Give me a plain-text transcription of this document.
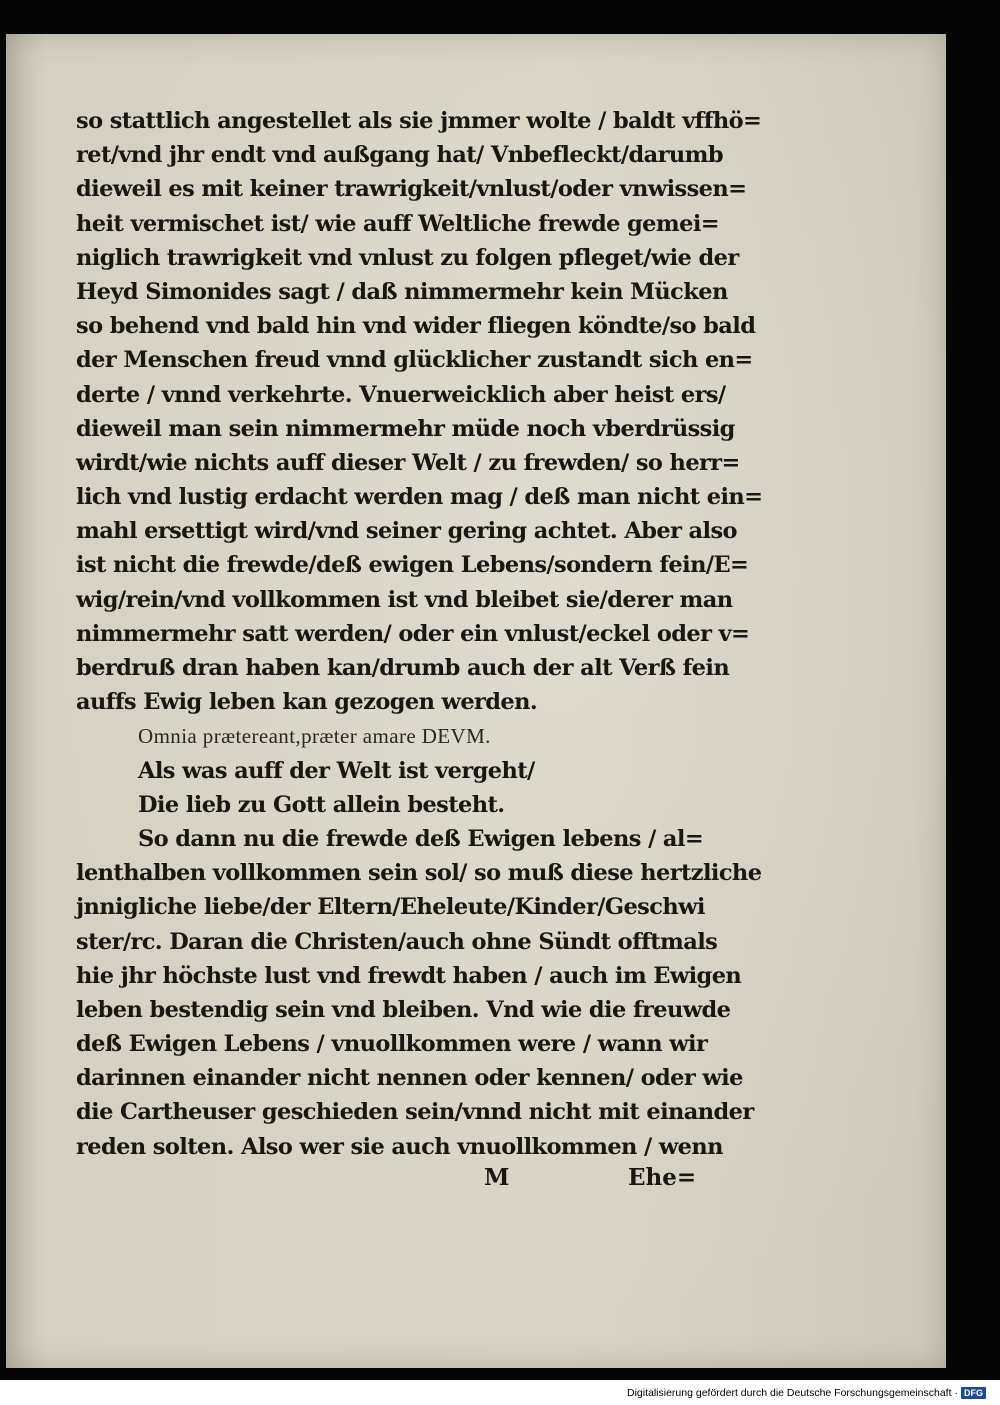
so stattlich angestellet als sie jmmer wolte / baldt vffhö=
ret/vnd jhr endt vnd außgang hat/ Vnbefleckt/darumb
dieweil es mit keiner trawrigkeit/vnlust/oder vnwissen=
heit vermischet ist/ wie auff Weltliche frewde gemei=
niglich trawrigkeit vnd vnlust zu folgen pfleget/wie der
Heyd Simonides sagt / daß nimmermehr kein Mücken
so behend vnd bald hin vnd wider fliegen köndte/so bald
der Menschen freud vnnd glücklicher zustandt sich en=
derte / vnnd verkehrte. Vnuerweicklich aber heist ers/
dieweil man sein nimmermehr müde noch vberdrüssig
wirdt/wie nichts auff dieser Welt / zu frewden/ so herr=
lich vnd lustig erdacht werden mag / deß man nicht ein=
mahl ersettigt wird/vnd seiner gering achtet. Aber also
ist nicht die frewde/deß ewigen Lebens/sondern fein/E=
wig/rein/vnd vollkommen ist vnd bleibet sie/derer man
nimmermehr satt werden/ oder ein vnlust/eckel oder v=
berdruß dran haben kan/drumb auch der alt Verß fein
auffs Ewig leben kan gezogen werden.
Omnia prætereant,præter amare DEVM.
Als was auff der Welt ist vergeht/
Die lieb zu Gott allein besteht.
So dann nu die frewde deß Ewigen lebens / al=
lenthalben vollkommen sein sol/ so muß diese hertzliche
jnnigliche liebe/der Eltern/Eheleute/Kinder/Geschwi
ster/rc. Daran die Christen/auch ohne Sündt offtmals
hie jhr höchste lust vnd frewdt haben / auch im Ewigen
leben bestendig sein vnd bleiben. Vnd wie die freuwde
deß Ewigen Lebens / vnuollkommen were / wann wir
darinnen einander nicht nennen oder kennen/ oder wie
die Cartheuser geschieden sein/vnnd nicht mit einander
reden solten. Also wer sie auch vnuollkommen / wenn
M	Ehe=
Digitalisierung gefördert durch die Deutsche Forschungsgemeinschaft · DFG
